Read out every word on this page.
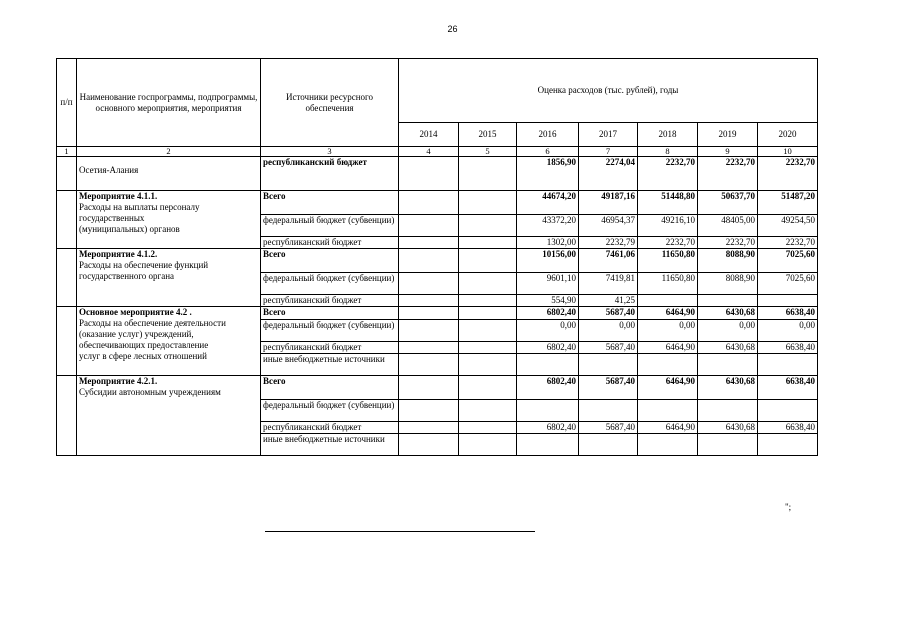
26
п/п	Наименование госпрограммы, подпрограммы, основного мероприятия, мероприятия	Источники ресурсного обеспечения	Оценка расходов (тыс. рублей), годы						
			2014	2015	2016	2017	2018	2019	2020
1	2	3	4	5	6	7	8	9	10

	Осетия-Алания	республиканский бюджет			1856,90	2274,04	2232,70	2232,70	2232,70

	Мероприятие 4.1.1.
Расходы на выплаты персоналу
государственных
(муниципальных) органов	Всего			44674,20	49187,16	51448,80	50637,70	51487,20
		федеральный бюджет (субвенции)			43372,20	46954,37	49216,10	48405,00	49254,50
		республиканский бюджет			1302,00	2232,79	2232,70	2232,70	2232,70

	Мероприятие 4.1.2.
Расходы на обеспечение функций
государственного органа	Всего			10156,00	7461,06	11650,80	8088,90	7025,60
		федеральный бюджет (субвенции)			9601,10	7419,81	11650,80	8088,90	7025,60
		республиканский бюджет			554,90	41,25			

	Основное мероприятие 4.2 .
Расходы на обеспечение деятельности
(оказание услуг) учреждений,
обеспечивающих предоставление
услуг в сфере лесных отношений	Всего			6802,40	5687,40	6464,90	6430,68	6638,40
		федеральный бюджет (субвенции)			0,00	0,00	0,00	0,00	0,00
		республиканский бюджет			6802,40	5687,40	6464,90	6430,68	6638,40
		иные внебюджетные источники							

	Мероприятие 4.2.1.
Субсидии автономным учреждениям	Всего			6802,40	5687,40	6464,90	6430,68	6638,40
		федеральный бюджет (субвенции)							
		республиканский бюджет			6802,40	5687,40	6464,90	6430,68	6638,40
		иные внебюджетные источники							
";
